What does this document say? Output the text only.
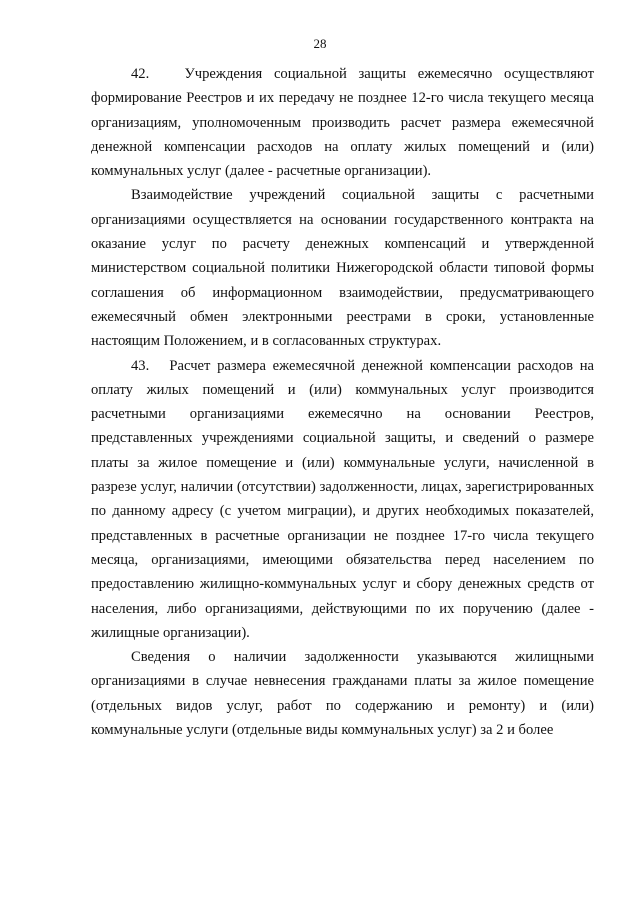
28

42.   Учреждения социальной защиты ежемесячно осуществляют формирование Реестров и их передачу не позднее 12-го числа текущего месяца организациям, уполномоченным производить расчет размера ежемесячной денежной компенсации расходов на оплату жилых помещений и (или) коммунальных услуг (далее - расчетные организации).

Взаимодействие учреждений социальной защиты с расчетными организациями осуществляется на основании государственного контракта на оказание услуг по расчету денежных компенсаций и утвержденной министерством социальной политики Нижегородской области типовой формы соглашения об информационном взаимодействии, предусматривающего ежемесячный обмен электронными реестрами в сроки, установленные настоящим Положением, и в согласованных структурах.

43.   Расчет размера ежемесячной денежной компенсации расходов на оплату жилых помещений и (или) коммунальных услуг производится расчетными организациями ежемесячно на основании Реестров, представленных учреждениями социальной защиты, и сведений о размере платы за жилое помещение и (или) коммунальные услуги, начисленной в разрезе услуг, наличии (отсутствии) задолженности, лицах, зарегистрированных по данному адресу (с учетом миграции), и других необходимых показателей, представленных в расчетные организации не позднее 17-го числа текущего месяца, организациями, имеющими обязательства перед населением по предоставлению жилищно-коммунальных услуг и сбору денежных средств от населения, либо организациями, действующими по их поручению (далее - жилищные организации).

Сведения о наличии задолженности указываются жилищными организациями в случае невнесения гражданами платы за жилое помещение (отдельных видов услуг, работ по содержанию и ремонту) и (или) коммунальные услуги (отдельные виды коммунальных услуг) за 2 и более
